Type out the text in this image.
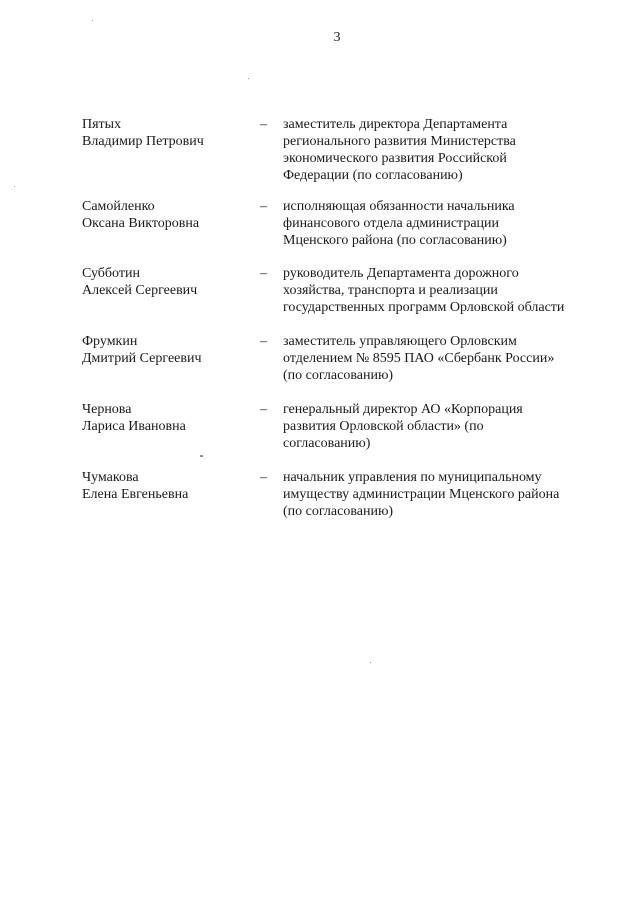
3
Пятых
Владимир Петрович
–	заместитель директора Департамента
регионального развития Министерства
экономического развития Российской
Федерации (по согласованию)
Самойленко
Оксана Викторовна
–	исполняющая обязанности начальника
финансового отдела администрации
Мценского района (по согласованию)
Субботин
Алексей Сергеевич
–	руководитель Департамента дорожного
хозяйства, транспорта и реализации
государственных программ Орловской области
Фрумкин
Дмитрий Сергеевич
–	заместитель управляющего Орловским
отделением № 8595 ПАО «Сбербанк России»
(по согласованию)
Чернова
Лариса Ивановна
–	генеральный директор АО «Корпорация
развития Орловской области» (по
согласованию)
Чумакова
Елена Евгеньевна
–	начальник управления по муниципальному
имуществу администрации Мценского района
(по согласованию)
